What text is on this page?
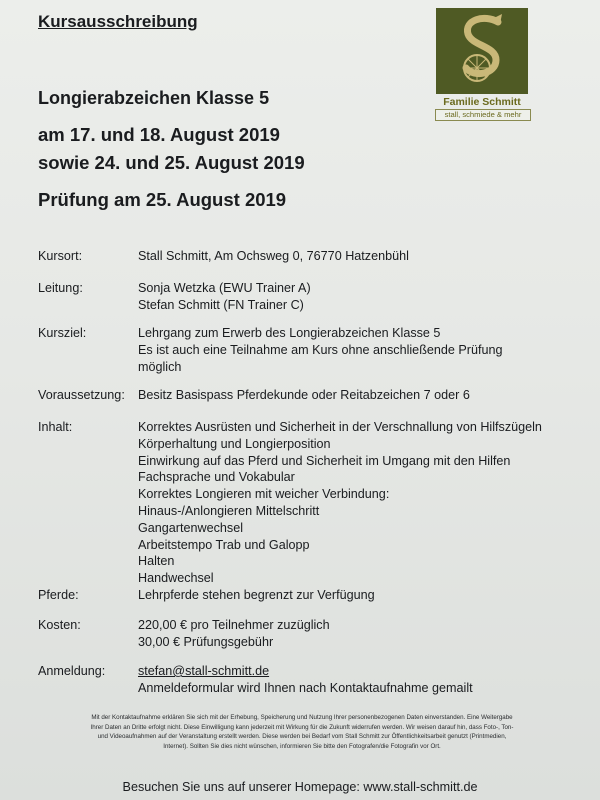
Kursausschreibung
Familie Schmitt
stall, schmiede & mehr
Longierabzeichen Klasse 5
am 17. und 18. August 2019
sowie 24. und 25. August 2019
Prüfung am 25. August 2019
Kursort:	Stall Schmitt, Am Ochsweg 0, 76770 Hatzenbühl
Leitung:	Sonja Wetzka (EWU Trainer A)
Stefan Schmitt (FN Trainer C)
Kursziel:	Lehrgang zum Erwerb des Longierabzeichen Klasse 5
Es ist auch eine Teilnahme am Kurs ohne anschließende Prüfung
möglich
Voraussetzung: Besitz Basispass Pferdekunde oder Reitabzeichen 7 oder 6
Inhalt:	Korrektes Ausrüsten und Sicherheit in der Verschnallung von Hilfszügeln
Körperhaltung und Longierposition
Einwirkung auf das Pferd und Sicherheit im Umgang mit den Hilfen
Fachsprache und Vokabular
Korrektes Longieren mit weicher Verbindung:
Hinaus-/Anlongieren Mittelschritt
Gangartenwechsel
Arbeitstempo Trab und Galopp
Halten
Handwechsel
Pferde:	Lehrpferde stehen begrenzt zur Verfügung
Kosten:	220,00 € pro Teilnehmer zuzüglich
30,00 € Prüfungsgebühr
Anmeldung:	stefan@stall-schmitt.de
Anmeldeformular wird Ihnen nach Kontaktaufnahme gemailt
Mit der Kontaktaufnahme erklären Sie sich mit der Erhebung, Speicherung und Nutzung Ihrer personenbezogenen Daten einverstanden. Eine Weitergabe
Ihrer Daten an Dritte erfolgt nicht. Diese Einwilligung kann jederzeit mit Wirkung für die Zukunft widerrufen werden. Wir weisen darauf hin, dass Foto-, Ton-
und Videoaufnahmen auf der Veranstaltung erstellt werden. Diese werden bei Bedarf vom Stall Schmitt zur Öffentlichkeitsarbeit genutzt (Printmedien,
Internet). Sollten Sie dies nicht wünschen, informieren Sie bitte den Fotografen/die Fotografin vor Ort.
Besuchen Sie uns auf unserer Homepage: www.stall-schmitt.de
